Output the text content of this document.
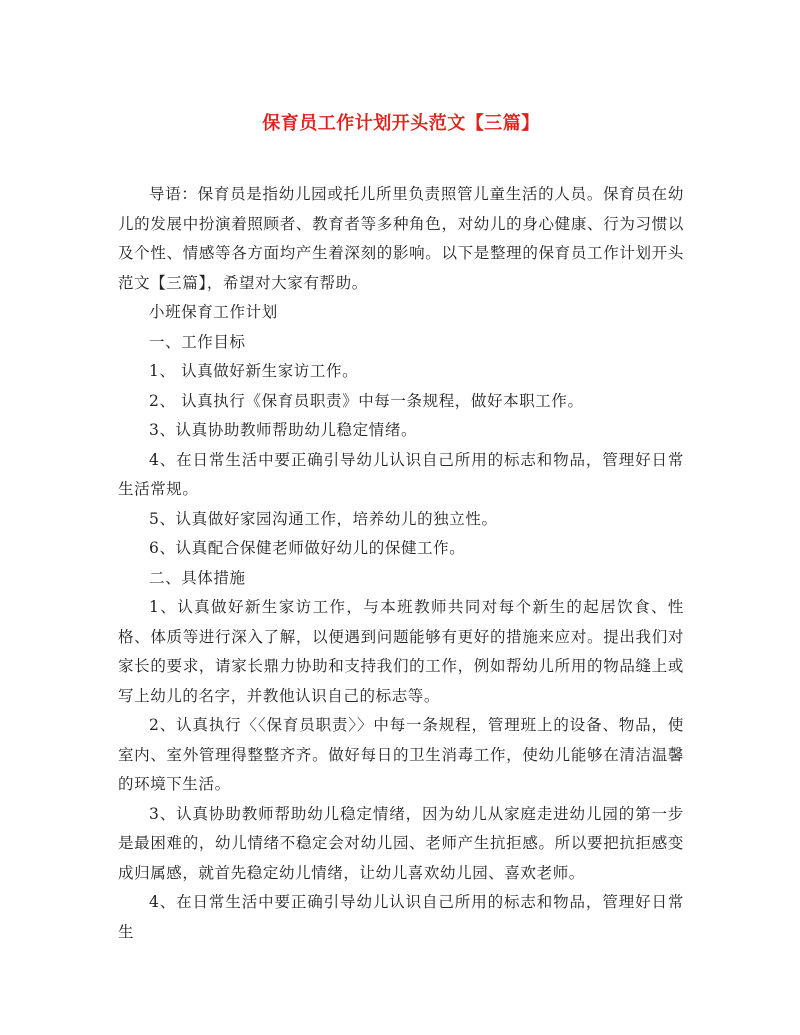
保育员工作计划开头范文【三篇】

导语：保育员是指幼儿园或托儿所里负责照管儿童生活的人员。保育员在幼儿的发展中扮演着照顾者、教育者等多种角色，对幼儿的身心健康、行为习惯以及个性、情感等各方面均产生着深刻的影响。以下是整理的保育员工作计划开头范文【三篇】，希望对大家有帮助。

小班保育工作计划

一、工作目标

1、 认真做好新生家访工作。

2、 认真执行《保育员职责》中每一条规程，做好本职工作。

3、认真协助教师帮助幼儿稳定情绪。

4、在日常生活中要正确引导幼儿认识自己所用的标志和物品，管理好日常生活常规。

5、认真做好家园沟通工作，培养幼儿的独立性。

6、认真配合保健老师做好幼儿的保健工作。

二、具体措施

1、认真做好新生家访工作，与本班教师共同对每个新生的起居饮食、性格、体质等进行深入了解，以便遇到问题能够有更好的措施来应对。提出我们对家长的要求，请家长鼎力协助和支持我们的工作，例如帮幼儿所用的物品缝上或写上幼儿的名字，并教他认识自己的标志等。

2、认真执行〈〈保育员职责〉〉中每一条规程，管理班上的设备、物品，使室内、室外管理得整整齐齐。做好每日的卫生消毒工作，使幼儿能够在清洁温馨的环境下生活。

3、认真协助教师帮助幼儿稳定情绪，因为幼儿从家庭走进幼儿园的第一步是最困难的，幼儿情绪不稳定会对幼儿园、老师产生抗拒感。所以要把抗拒感变成归属感，就首先稳定幼儿情绪，让幼儿喜欢幼儿园、喜欢老师。

4、在日常生活中要正确引导幼儿认识自己所用的标志和物品，管理好日常生
